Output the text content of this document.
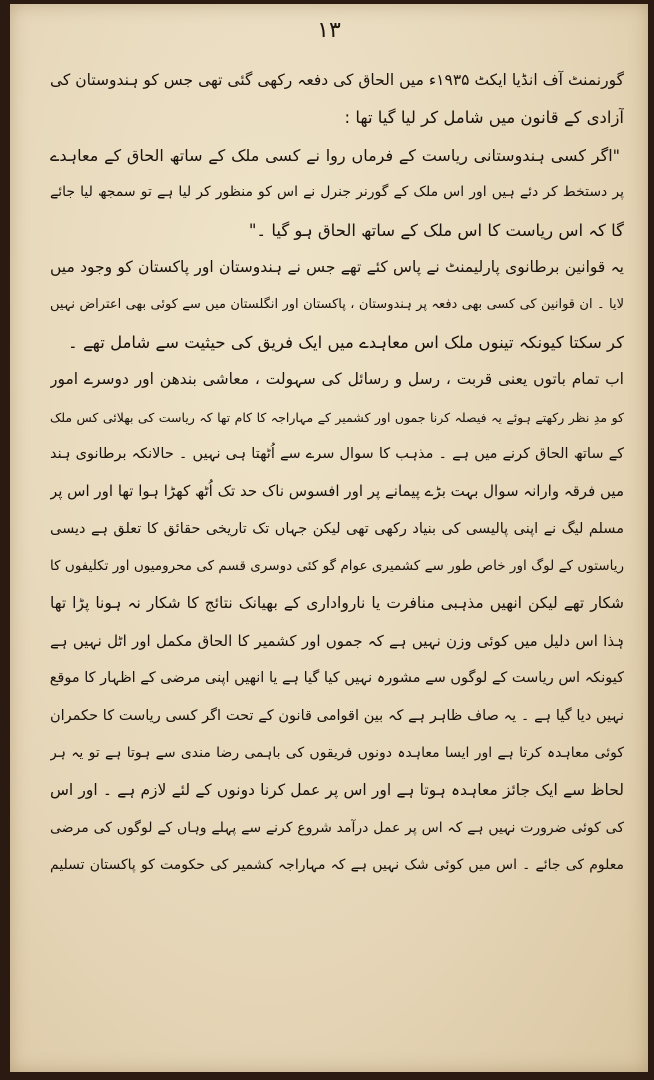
۱۳
گورنمنٹ آف انڈیا ایکٹ ۱۹۳۵ء میں الحاق کی دفعہ رکھی گئی تھی جس کو ہندوستان کی
آزادی کے قانون میں شامل کر لیا گیا تھا :
"اگر کسی ہندوستانی ریاست کے فرماں روا نے کسی ملک کے ساتھ الحاق کے معاہدے
پر دستخط کر دئے ہیں اور اس ملک کے گورنر جنرل نے اس کو منظور کر لیا ہے تو سمجھ لیا جائے
گا کہ اس ریاست کا اس ملک کے ساتھ الحاق ہو گیا ۔"
یہ قوانین برطانوی پارلیمنٹ نے پاس کئے تھے جس نے ہندوستان اور پاکستان کو وجود میں
لایا ۔ ان قوانین کی کسی بھی دفعہ پر ہندوستان ، پاکستان اور انگلستان میں سے کوئی بھی اعتراض نہیں
کر سکتا کیونکہ تینوں ملک اس معاہدے میں ایک فریق کی حیثیت سے شامل تھے ۔
اب تمام باتوں یعنی قربت ، رسل و رسائل کی سہولت ، معاشی بندھن اور دوسرے امور
کو مدِ نظر رکھتے ہوئے یہ فیصلہ کرنا جموں اور کشمیر کے مہاراجہ کا کام تھا کہ ریاست کی بھلائی کس ملک
کے ساتھ الحاق کرنے میں ہے ۔ مذہب کا سوال سرے سے اُٹھتا ہی نہیں ۔ حالانکہ برطانوی ہند
میں فرقہ وارانہ سوال بہت بڑے پیمانے پر اور افسوس ناک حد تک اُٹھ کھڑا ہوا تھا اور اس پر
مسلم لیگ نے اپنی پالیسی کی بنیاد رکھی تھی لیکن جہاں تک تاریخی حقائق کا تعلق ہے دیسی
ریاستوں کے لوگ اور خاص طور سے کشمیری عوام گو کئی دوسری قسم کی محرومیوں اور تکلیفوں کا
شکار تھے لیکن انھیں مذہبی منافرت یا نارواداری کے بھیانک نتائج کا شکار نہ ہونا پڑا تھا
ہٰذا اس دلیل میں کوئی وزن نہیں ہے کہ جموں اور کشمیر کا الحاق مکمل اور اٹل نہیں ہے
کیونکہ اس ریاست کے لوگوں سے مشورہ نہیں کیا گیا ہے یا انھیں اپنی مرضی کے اظہار کا موقع
نہیں دیا گیا ہے ۔ یہ صاف ظاہر ہے کہ بین اقوامی قانون کے تحت اگر کسی ریاست کا حکمران
کوئی معاہدہ کرتا ہے اور ایسا معاہدہ دونوں فریقوں کی باہمی رضا مندی سے ہوتا ہے تو یہ ہر
لحاظ سے ایک جائز معاہدہ ہوتا ہے اور اس پر عمل کرنا دونوں کے لئے لازم ہے ۔ اور اس
کی کوئی ضرورت نہیں ہے کہ اس پر عمل درآمد شروع کرنے سے پہلے وہاں کے لوگوں کی مرضی
معلوم کی جائے ۔ اس میں کوئی شک نہیں ہے کہ مہاراجہ کشمیر کی حکومت کو پاکستان تسلیم
